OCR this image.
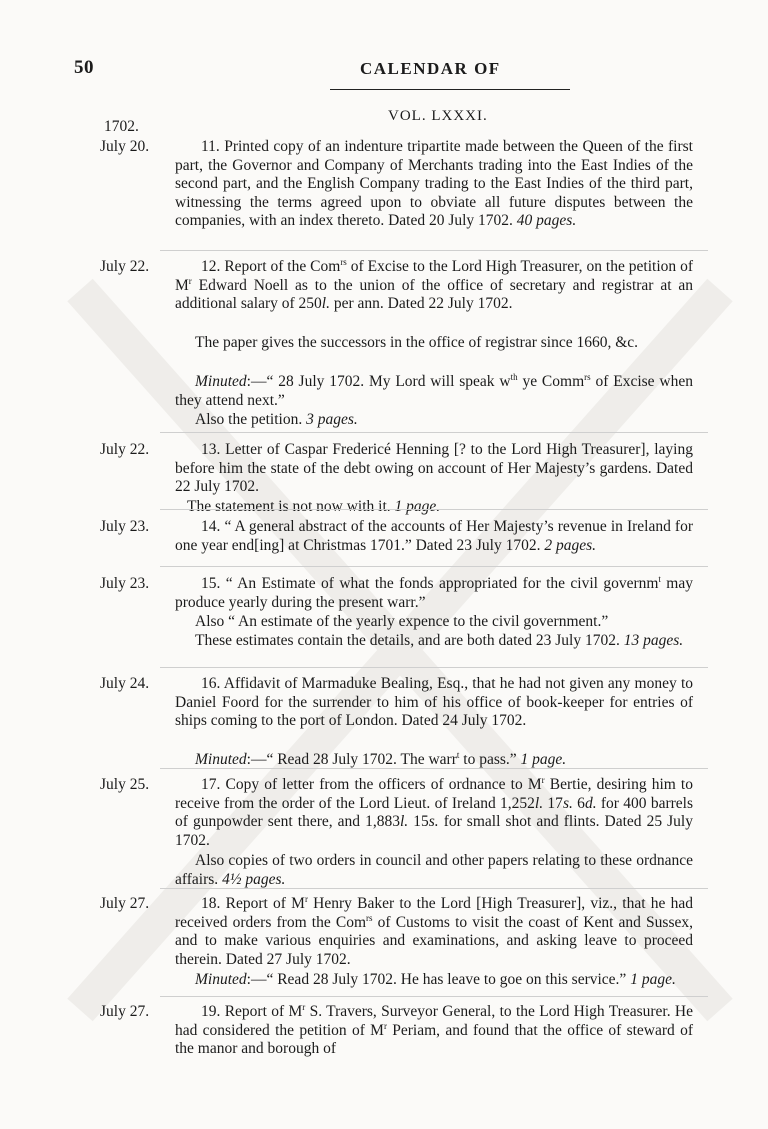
50	CALENDAR OF
VOL. LXXXI.
1702.
July 20.	11. Printed copy of an indenture tripartite made between the Queen of the first part, the Governor and Company of Merchants trading into the East Indies of the second part, and the English Company trading to the East Indies of the third part, witnessing the terms agreed upon to obviate all future disputes between the companies, with an index thereto. Dated 20 July 1702. 40 pages.

July 22.	12. Report of the Com$^{rs}$ of Excise to the Lord High Treasurer, on the petition of $M^r$ Edward Noell as to the union of the office of secretary and registrar at an additional salary of 250l. per ann. Dated 22 July 1702.

The paper gives the successors in the office of registrar since 1660, &c.

Minuted:—“ 28 July 1702. My Lord will speak $w^{th}$ ye Comm$^{rs}$ of Excise when they attend next.”

Also the petition. 3 pages.

July 22.	13. Letter of Caspar Fredericé Henning [? to the Lord High Treasurer], laying before him the state of the debt owing on account of Her Majesty’s gardens. Dated 22 July 1702.

The statement is not now with it. 1 page.

July 23.	14. “ A general abstract of the accounts of Her Majesty’s revenue in Ireland for one year end[ing] at Christmas 1701.” Dated 23 July 1702. 2 pages.

July 23.	15. “ An Estimate of what the fonds appropriated for the civil governm$^t$ may produce yearly during the present warr.”

Also “ An estimate of the yearly expence to the civil government.”

These estimates contain the details, and are both dated 23 July 1702. 13 pages.

July 24.	16. Affidavit of Marmaduke Bealing, Esq., that he had not given any money to Daniel Foord for the surrender to him of his office of book-keeper for entries of ships coming to the port of London. Dated 24 July 1702.

Minuted:—“ Read 28 July 1702. The warr$^t$ to pass.” 1 page.

July 25.	17. Copy of letter from the officers of ordnance to $M^r$ Bertie, desiring him to receive from the order of the Lord Lieut. of Ireland 1,252l. 17s. 6d. for 400 barrels of gunpowder sent there, and 1,883l. 15s. for small shot and flints. Dated 25 July 1702.

Also copies of two orders in council and other papers relating to these ordnance affairs. 4½ pages.

July 27.	18. Report of $M^r$ Henry Baker to the Lord [High Treasurer], viz., that he had received orders from the Com$^{rs}$ of Customs to visit the coast of Kent and Sussex, and to make various enquiries and examinations, and asking leave to proceed therein. Dated 27 July 1702.

Minuted:—“ Read 28 July 1702. He has leave to goe on this service.” 1 page.

July 27.	19. Report of $M^r$ S. Travers, Surveyor General, to the Lord High Treasurer. He had considered the petition of $M^r$ Periam, and found that the office of steward of the manor and borough of
